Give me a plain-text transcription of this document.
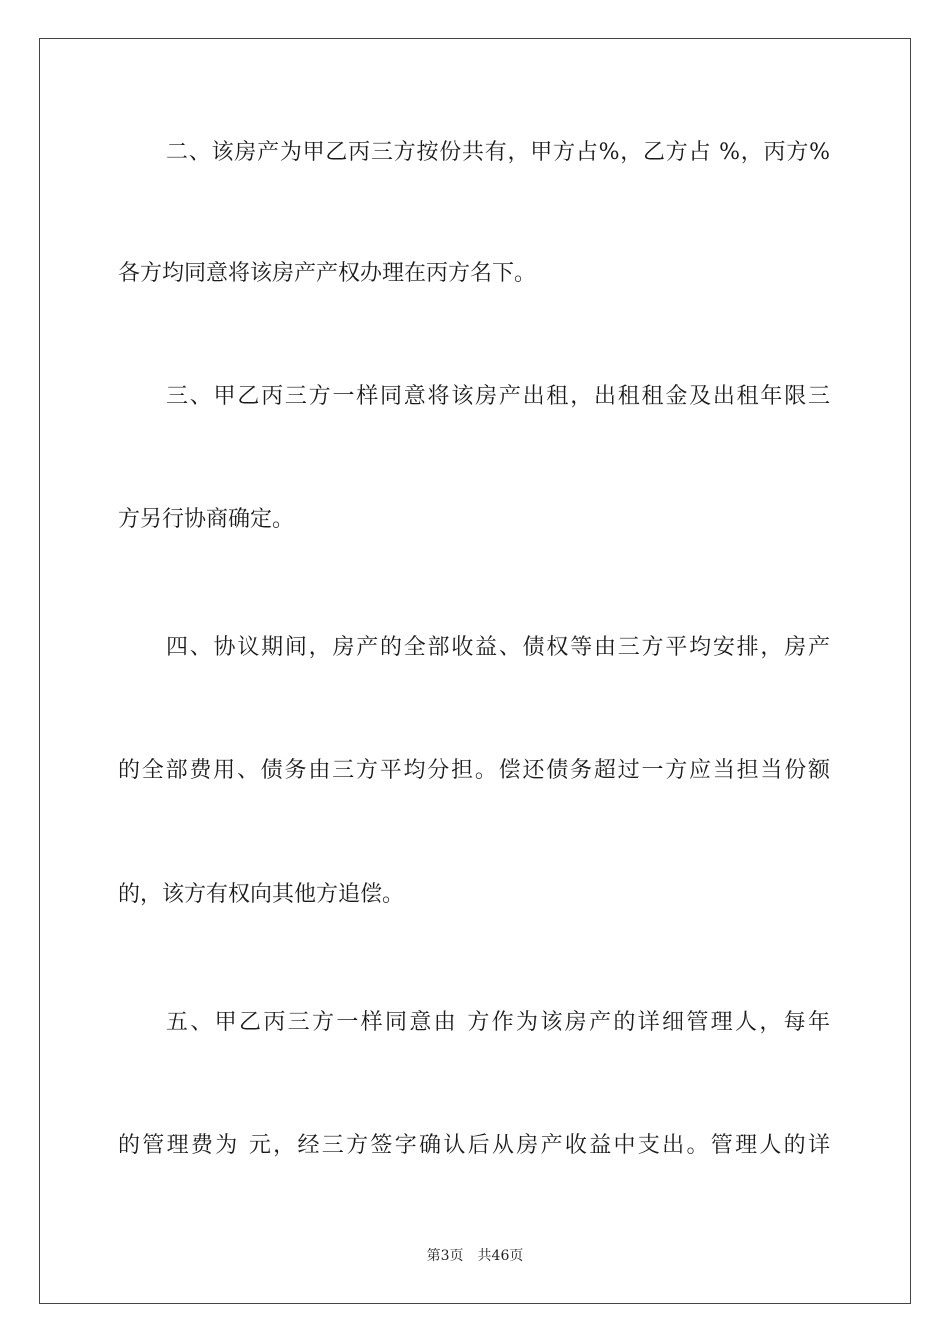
二、该房产为甲乙丙三方按份共有，甲方占%，乙方占 %，丙方%
各方均同意将该房产产权办理在丙方名下。
三、甲乙丙三方一样同意将该房产出租，出租租金及出租年限三
方另行协商确定。
四、协议期间，房产的全部收益、债权等由三方平均安排，房产
的全部费用、债务由三方平均分担。偿还债务超过一方应当担当份额
的，该方有权向其他方追偿。
五、甲乙丙三方一样同意由 方作为该房产的详细管理人，每年
的管理费为 元，经三方签字确认后从房产收益中支出。管理人的详
第3页 共46页
